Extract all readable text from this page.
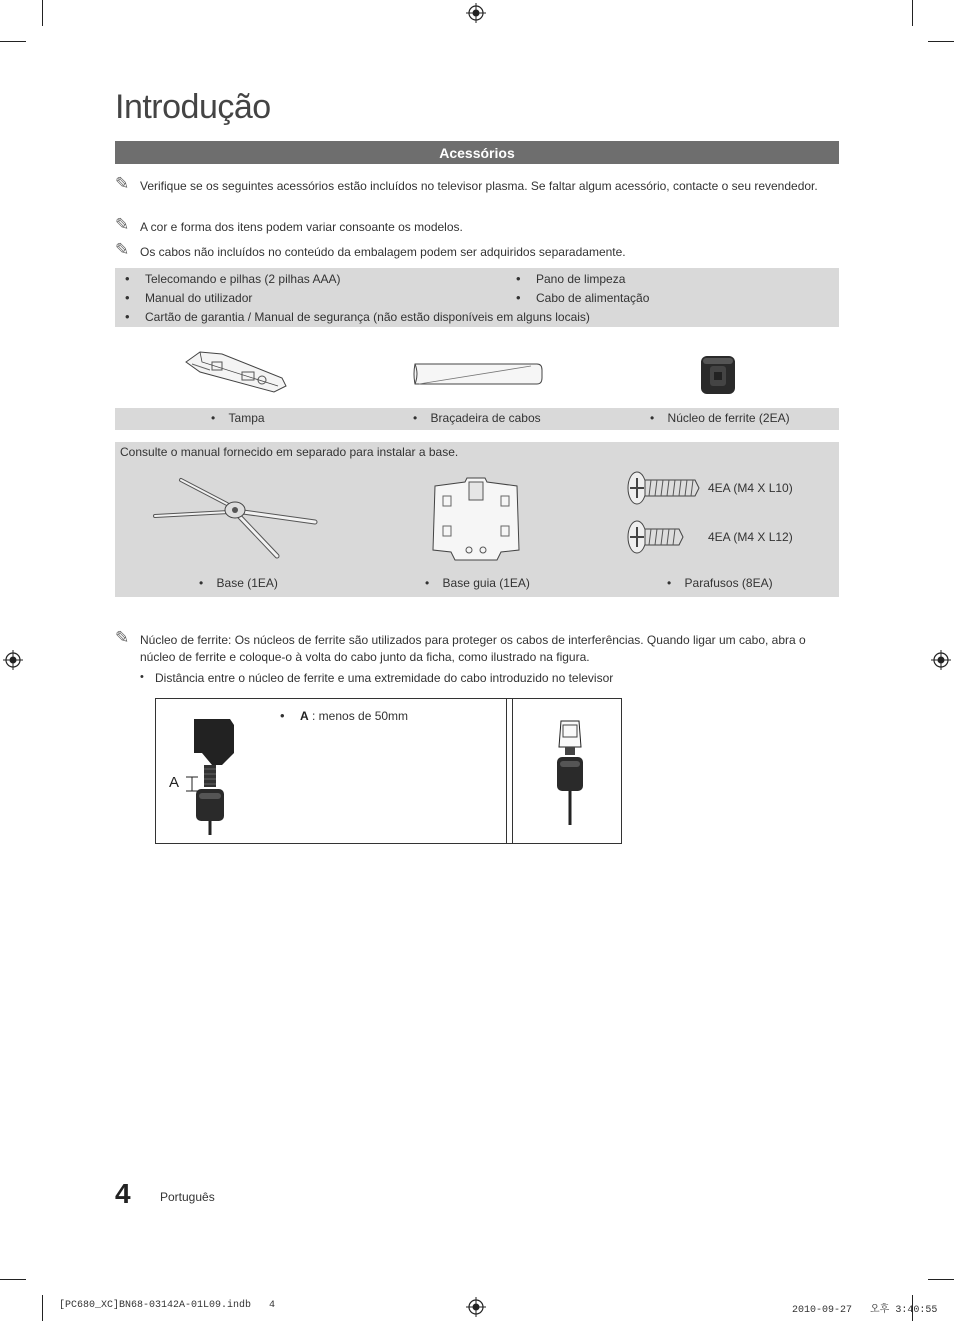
Introdução
Acessórios
✎ Verifique se os seguintes acessórios estão incluídos no televisor plasma. Se faltar algum acessório, contacte o seu revendedor.
✎ A cor e forma dos itens podem variar consoante os modelos.
✎ Os cabos não incluídos no conteúdo da embalagem podem ser adquiridos separadamente.
• Telecomando e pilhas (2 pilhas AAA)
• Manual do utilizador
• Cartão de garantia / Manual de segurança (não estão disponíveis em alguns locais)
• Pano de limpeza
• Cabo de alimentação
• Tampa	• Braçadeira de cabos	• Núcleo de ferrite (2EA)
Consulte o manual fornecido em separado para instalar a base.
4EA (M4 X L10)
4EA (M4 X L12)
• Base (1EA)	• Base guia (1EA)	• Parafusos (8EA)
✎ Núcleo de ferrite: Os núcleos de ferrite são utilizados para proteger os cabos de interferências. Quando ligar um cabo, abra o núcleo de ferrite e coloque-o à volta do cabo junto da ficha, como ilustrado na figura.
• Distância entre o núcleo de ferrite e uma extremidade do cabo introduzido no televisor
A
• A : menos de 50mm
4 Português
[PC680_XC]BN68-03142A-01L09.indb   4	2010-09-27   오후 3:40:55
